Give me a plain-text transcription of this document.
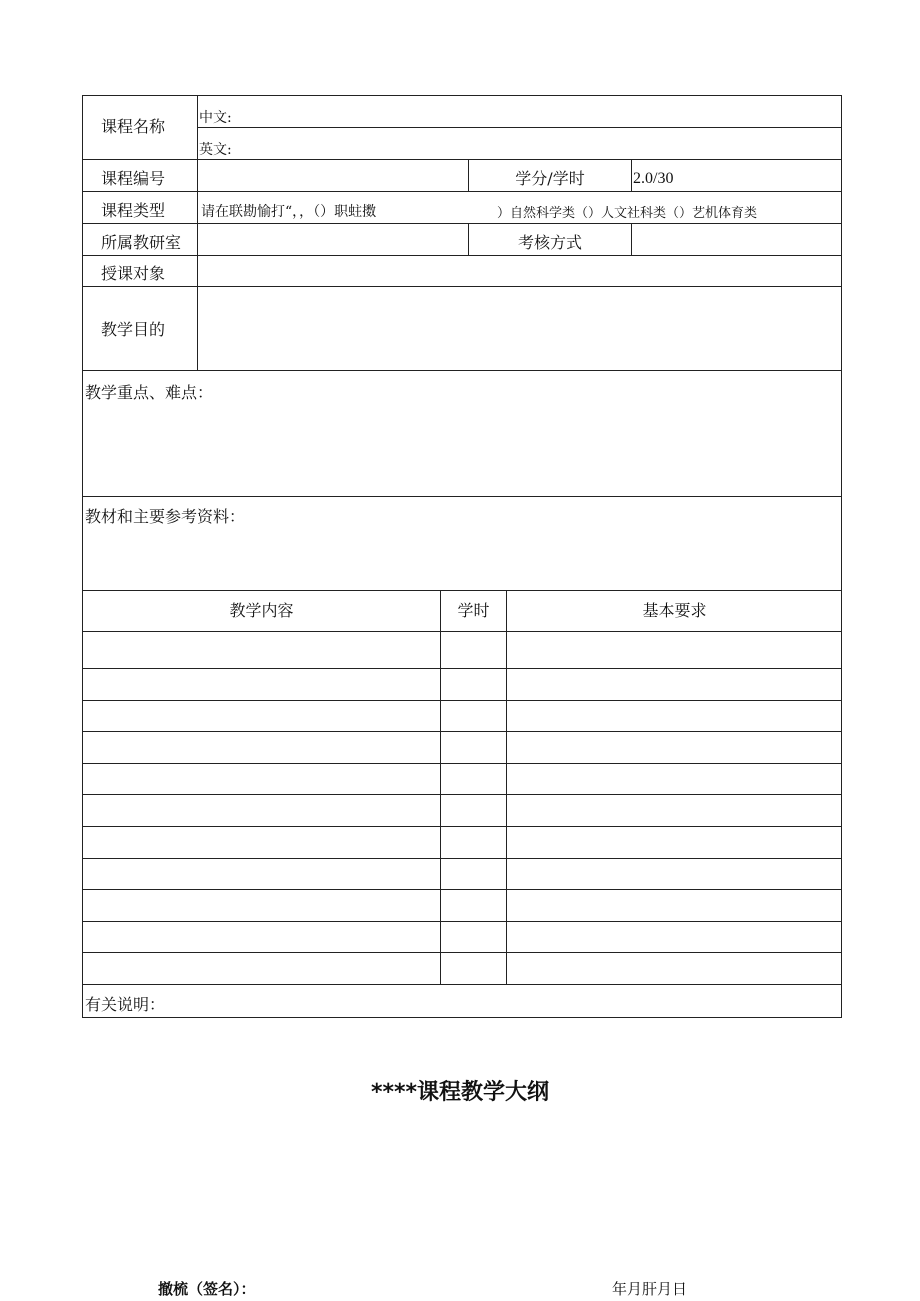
课程名称 中文:
英文:
课程编号	学分/学时	2.0/30
课程类型	请在联勘愉打“，，（）职蛀擞	）自然科学类（）人文社科类（）艺机体育类
所属教研室	考核方式
授课对象
教学目的
教学重点、难点：
教材和主要参考资料：
教学内容	学时	基本要求
有关说明：
****课程教学大纲
撤梳（签名）：	年月肝月日
